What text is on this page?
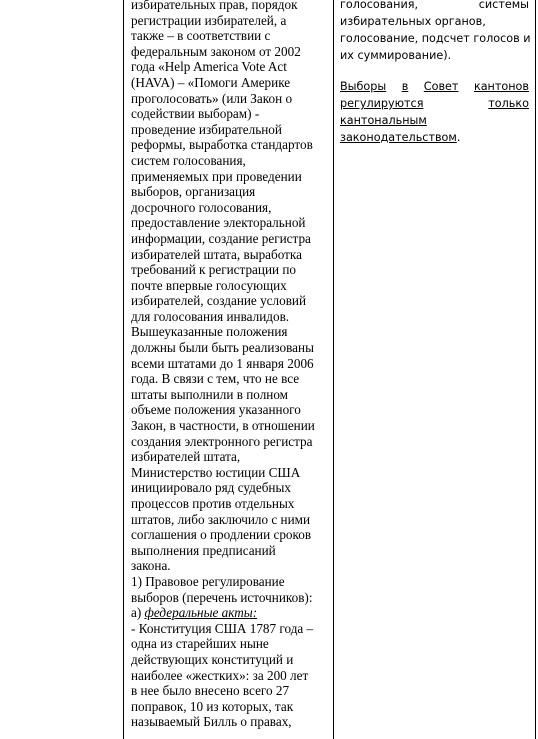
избирательных прав, порядок
регистрации избирателей, а
также – в соответствии с
федеральным законом от 2002
года «Help America Vote Act
(HAVA) – «Помоги Америке
проголосовать» (или Закон о
содействии выборам) -
проведение избирательной
реформы, выработка стандартов
систем голосования,
применяемых при проведении
выборов, организация
досрочного голосования,
предоставление электоральной
информации, создание регистра
избирателей штата, выработка
требований к регистрации по
почте впервые голосующих
избирателей, создание условий
для голосования инвалидов.
Вышеуказанные положения
должны были быть реализованы
всеми штатами до 1 января 2006
года. В связи с тем, что не все
штаты выполнили в полном
объеме положения указанного
Закон, в частности, в отношении
создания электронного регистра
избирателей штата,
Министерство юстиции США
инициировало ряд судебных
процессов против отдельных
штатов, либо заключило с ними
соглашения о продлении сроков
выполнения предписаний
закона.
1) Правовое регулирование
выборов (перечень источников):
а) федеральные акты:
- Конституция США 1787 года –
одна из старейших ныне
действующих конституций и
наиболее «жестких»: за 200 лет
в нее было внесено всего 27
поправок, 10 из которых, так
называемый Билль о правах,
голосования,	системы
избирательных органов,
голосование, подсчет голосов и
их суммирование).
Выборы в Совет кантонов
регулируются	только
кантональным
законодательством.
